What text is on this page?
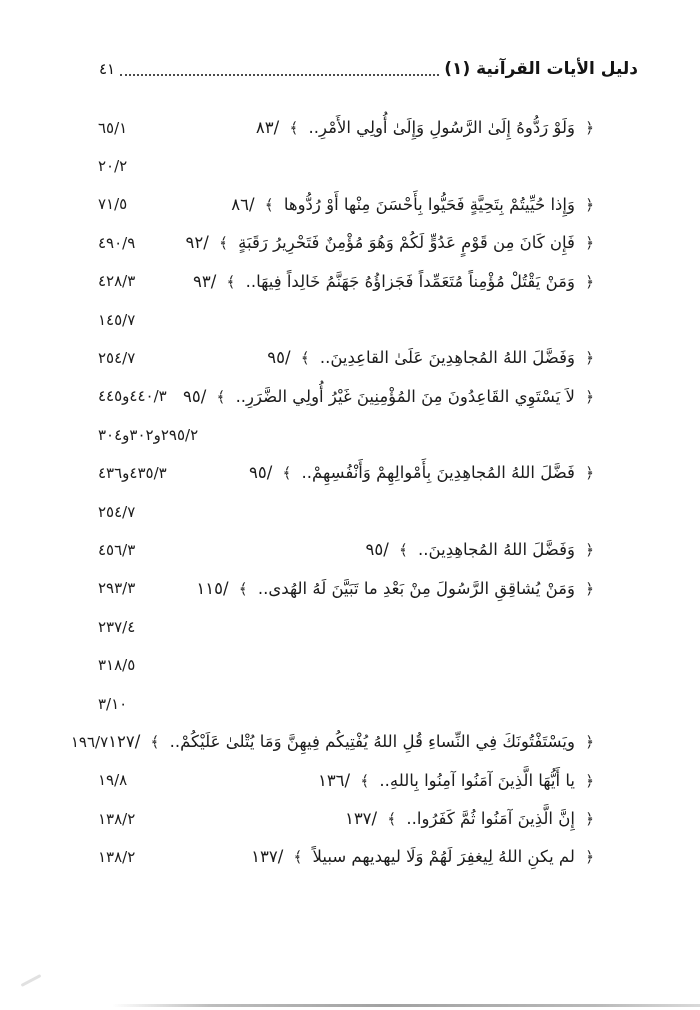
دليل الأيات القرآنية (١)
٤١
﴿ وَلَوْ رَدُّوهُ إِلَىٰ الرَّسُولِ وَإِلَىٰ أُولِي الأَمْرِ.. ﴾ /٨٣
٦٥/١
٢٠/٢
﴿ وَإِذا حُيِّيتُمْ بِتَحِيَّةٍ فَحَيُّوا بِأَحْسَنَ مِنْها أَوْ رُدُّوها ﴾ /٨٦
٧١/٥
﴿ فَإِن كَانَ مِن قَوْمٍ عَدُوٍّ لَكُمْ وَهُوَ مُؤْمِنٌ فَتَحْرِيرُ رَقَبَةٍ ﴾ /٩٢
٤٩٠/٩
﴿ وَمَنْ يَقْتُلْ مُؤْمِناً مُتَعَمِّداً فَجَزاؤُهُ جَهَنَّمُ خَالِداً فِيهَا.. ﴾ /٩٣
٤٢٨/٣
١٤٥/٧
﴿ وَفَضَّلَ اللهُ المُجاهِدِينَ عَلَىٰ القاعِدِينَ.. ﴾ /٩٥
٢٥٤/٧
﴿ لاَ يَسْتَوِي القَاعِدُونَ مِنَ المُؤْمِنِينَ غَيْرُ أُولِي الضَّرَرِ.. ﴾ /٩٥
٤٤٠/٣و٤٤٥
٢٩٥/٢و٣٠٢و٣٠٤
﴿ فَضَّلَ اللهُ المُجاهِدِينَ بِأَمْوالِهِمْ وَأَنْفُسِهِمْ.. ﴾ /٩٥
٤٣٥/٣و٤٣٦
٢٥٤/٧
﴿ وَفَضَّلَ اللهُ المُجاهِدِينَ.. ﴾ /٩٥
٤٥٦/٣
﴿ وَمَنْ يُشاقِقِ الرَّسُولَ مِنْ بَعْدِ ما تَبَيَّنَ لَهُ الهُدى.. ﴾ /١١٥
٢٩٣/٣
٢٣٧/٤
٣١٨/٥
٣/١٠
﴿ ويَسْتَفْتُونَكَ فِي النِّساءِ قُلِ اللهُ يُفْتِيكُم فِيهِنَّ وَمَا يُتْلىٰ عَلَيْكُمْ.. ﴾ /١٢٧
١٩٦/٧
﴿ يا أَيُّهَا الَّذِينَ آمَنُوا آمِنُوا بِاللهِ.. ﴾ /١٣٦
١٩/٨
﴿ إِنَّ الَّذِينَ آمَنُوا ثُمَّ كَفَرُوا.. ﴾ /١٣٧
١٣٨/٢
﴿ لم يكنِ اللهُ لِيغفِرَ لَهُمْ وَلَا ليهديهم سبيلاً ﴾ /١٣٧
١٣٨/٢
